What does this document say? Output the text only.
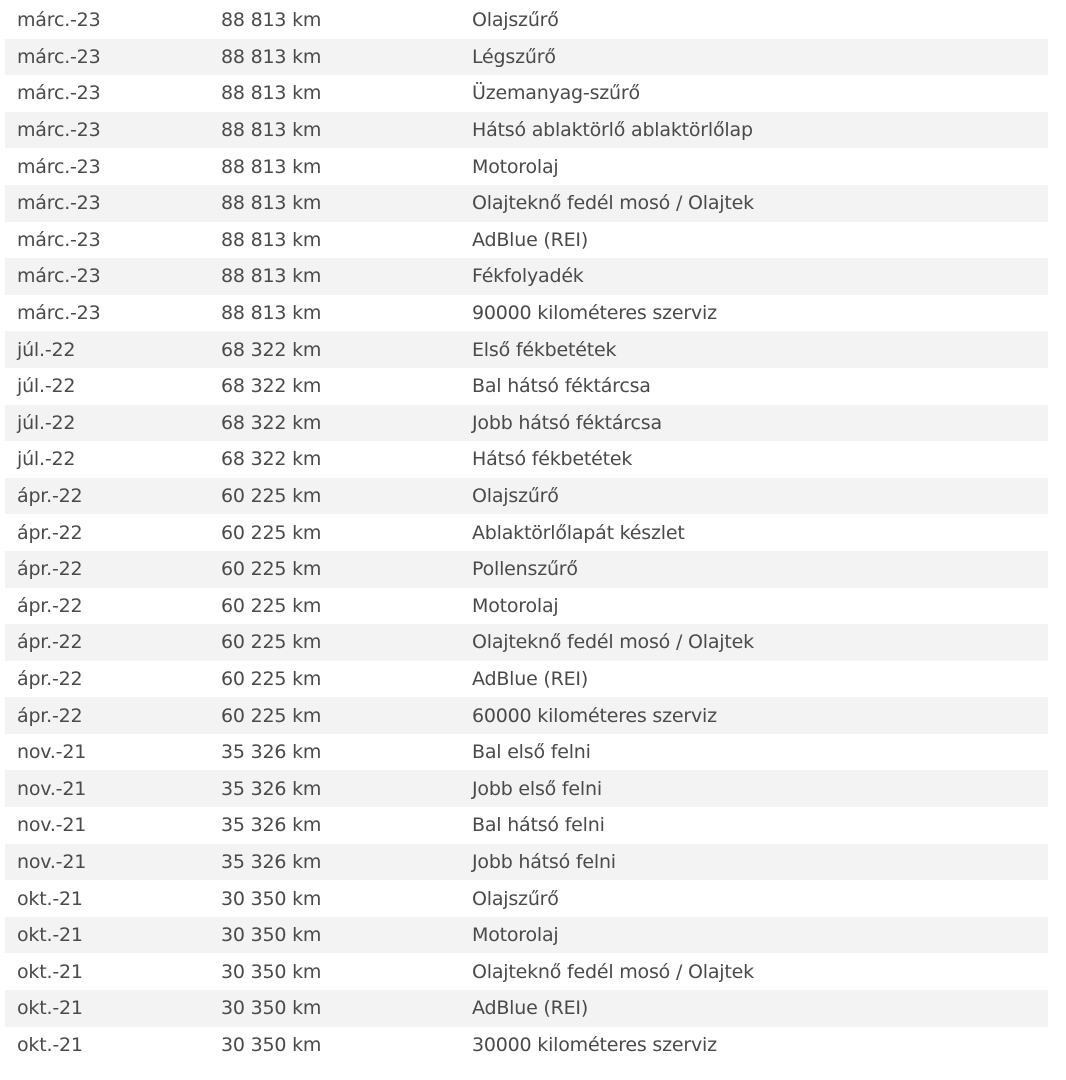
márc.-23	88 813 km	Olajszűrő
márc.-23	88 813 km	Légszűrő
márc.-23	88 813 km	Üzemanyag-szűrő
márc.-23	88 813 km	Hátsó ablaktörlő ablaktörlőlap
márc.-23	88 813 km	Motorolaj
márc.-23	88 813 km	Olajteknő fedél mosó / Olajtek
márc.-23	88 813 km	AdBlue (REI)
márc.-23	88 813 km	Fékfolyadék
márc.-23	88 813 km	90000 kilométeres szerviz
júl.-22	68 322 km	Első fékbetétek
júl.-22	68 322 km	Bal hátsó féktárcsa
júl.-22	68 322 km	Jobb hátsó féktárcsa
júl.-22	68 322 km	Hátsó fékbetétek
ápr.-22	60 225 km	Olajszűrő
ápr.-22	60 225 km	Ablaktörlőlapát készlet
ápr.-22	60 225 km	Pollenszűrő
ápr.-22	60 225 km	Motorolaj
ápr.-22	60 225 km	Olajteknő fedél mosó / Olajtek
ápr.-22	60 225 km	AdBlue (REI)
ápr.-22	60 225 km	60000 kilométeres szerviz
nov.-21	35 326 km	Bal első felni
nov.-21	35 326 km	Jobb első felni
nov.-21	35 326 km	Bal hátsó felni
nov.-21	35 326 km	Jobb hátsó felni
okt.-21	30 350 km	Olajszűrő
okt.-21	30 350 km	Motorolaj
okt.-21	30 350 km	Olajteknő fedél mosó / Olajtek
okt.-21	30 350 km	AdBlue (REI)
okt.-21	30 350 km	30000 kilométeres szerviz
